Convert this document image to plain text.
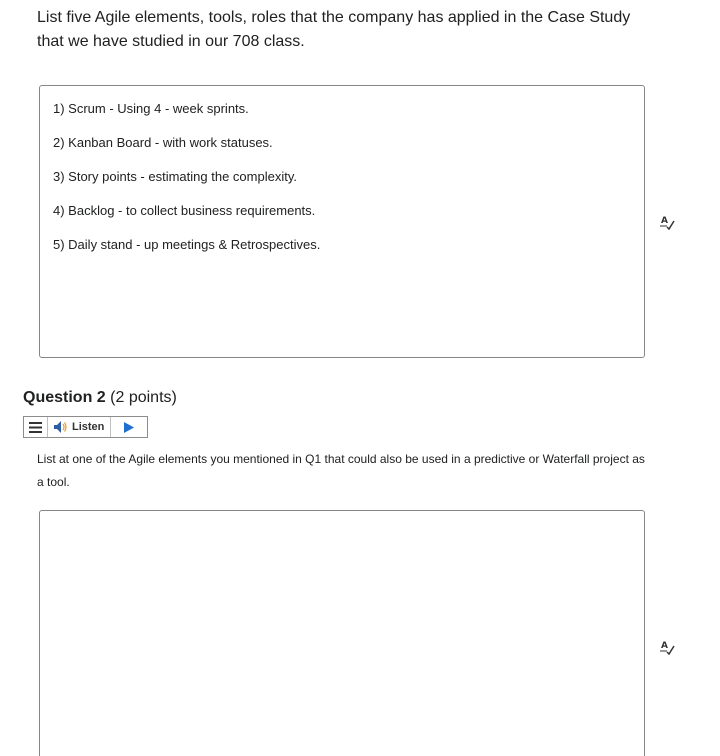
List five Agile elements, tools, roles that the company has applied in the Case Study that we have studied in our 708 class.
1) Scrum - Using 4 - week sprints.
2) Kanban Board - with work statuses.
3) Story points - estimating the complexity.
4) Backlog - to collect business requirements.
5) Daily stand - up meetings & Retrospectives.
A
Question 2 (2 points)
Listen
List at one of the Agile elements you mentioned in Q1 that could also be used in a predictive or Waterfall project as a tool.
A
